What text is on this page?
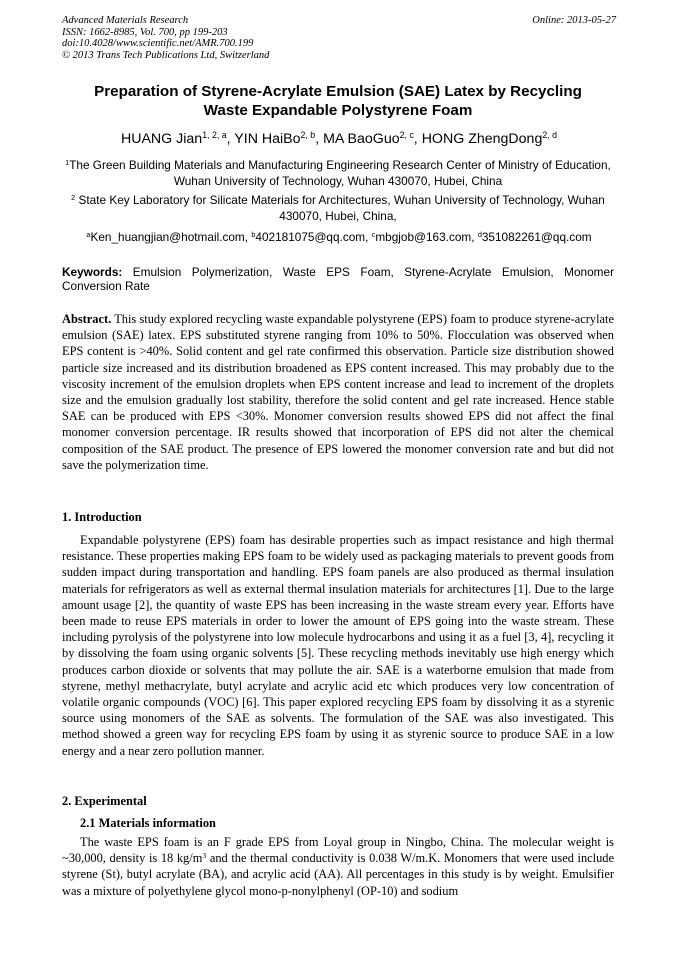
Advanced Materials Research
ISSN: 1662-8985, Vol. 700, pp 199-203
doi:10.4028/www.scientific.net/AMR.700.199
© 2013 Trans Tech Publications Ltd, Switzerland
Online: 2013-05-27
Preparation of Styrene-Acrylate Emulsion (SAE) Latex by Recycling
Waste Expandable Polystyrene Foam
HUANG Jian$^{1, 2, a}$, YIN HaiBo$^{2, b}$, MA BaoGuo$^{2, c}$, HONG ZhengDong$^{2, d}$
$^1$The Green Building Materials and Manufacturing Engineering Research Center of Ministry of Education, Wuhan University of Technology, Wuhan 430070, Hubei, China
$^2$ State Key Laboratory for Silicate Materials for Architectures, Wuhan University of Technology, Wuhan 430070, Hubei, China,
$^a$Ken_huangjian@hotmail.com, $^b$402181075@qq.com, $^c$mbgjob@163.com, $^d$351082261@qq.com
Keywords: Emulsion Polymerization, Waste EPS Foam, Styrene-Acrylate Emulsion, Monomer Conversion Rate
Abstract. This study explored recycling waste expandable polystyrene (EPS) foam to produce styrene-acrylate emulsion (SAE) latex. EPS substituted styrene ranging from 10% to 50%. Flocculation was observed when EPS content is >40%. Solid content and gel rate confirmed this observation. Particle size distribution showed particle size increased and its distribution broadened as EPS content increased. This may probably due to the viscosity increment of the emulsion droplets when EPS content increase and lead to increment of the droplets size and the emulsion gradually lost stability, therefore the solid content and gel rate increased. Hence stable SAE can be produced with EPS <30%. Monomer conversion results showed EPS did not affect the final monomer conversion percentage. IR results showed that incorporation of EPS did not alter the chemical composition of the SAE product. The presence of EPS lowered the monomer conversion rate and but did not save the polymerization time.
1. Introduction
Expandable polystyrene (EPS) foam has desirable properties such as impact resistance and high thermal resistance. These properties making EPS foam to be widely used as packaging materials to prevent goods from sudden impact during transportation and handling. EPS foam panels are also produced as thermal insulation materials for refrigerators as well as external thermal insulation materials for architectures [1]. Due to the large amount usage [2], the quantity of waste EPS has been increasing in the waste stream every year. Efforts have been made to reuse EPS materials in order to lower the amount of EPS going into the waste stream. These including pyrolysis of the polystyrene into low molecule hydrocarbons and using it as a fuel [3, 4], recycling it by dissolving the foam using organic solvents [5]. These recycling methods inevitably use high energy which produces carbon dioxide or solvents that may pollute the air. SAE is a waterborne emulsion that made from styrene, methyl methacrylate, butyl acrylate and acrylic acid etc which produces very low concentration of volatile organic compounds (VOC) [6]. This paper explored recycling EPS foam by dissolving it as a styrenic source using monomers of the SAE as solvents. The formulation of the SAE was also investigated. This method showed a green way for recycling EPS foam by using it as styrenic source to produce SAE in a low energy and a near zero pollution manner.
2. Experimental
2.1 Materials information
The waste EPS foam is an F grade EPS from Loyal group in Ningbo, China. The molecular weight is ~30,000, density is 18 $kg/m^3$ and the thermal conductivity is 0.038 W/m.K. Monomers that were used include styrene (St), butyl acrylate (BA), and acrylic acid (AA). All percentages in this study is by weight. Emulsifier was a mixture of polyethylene glycol mono-p-nonylphenyl (OP-10) and sodium
